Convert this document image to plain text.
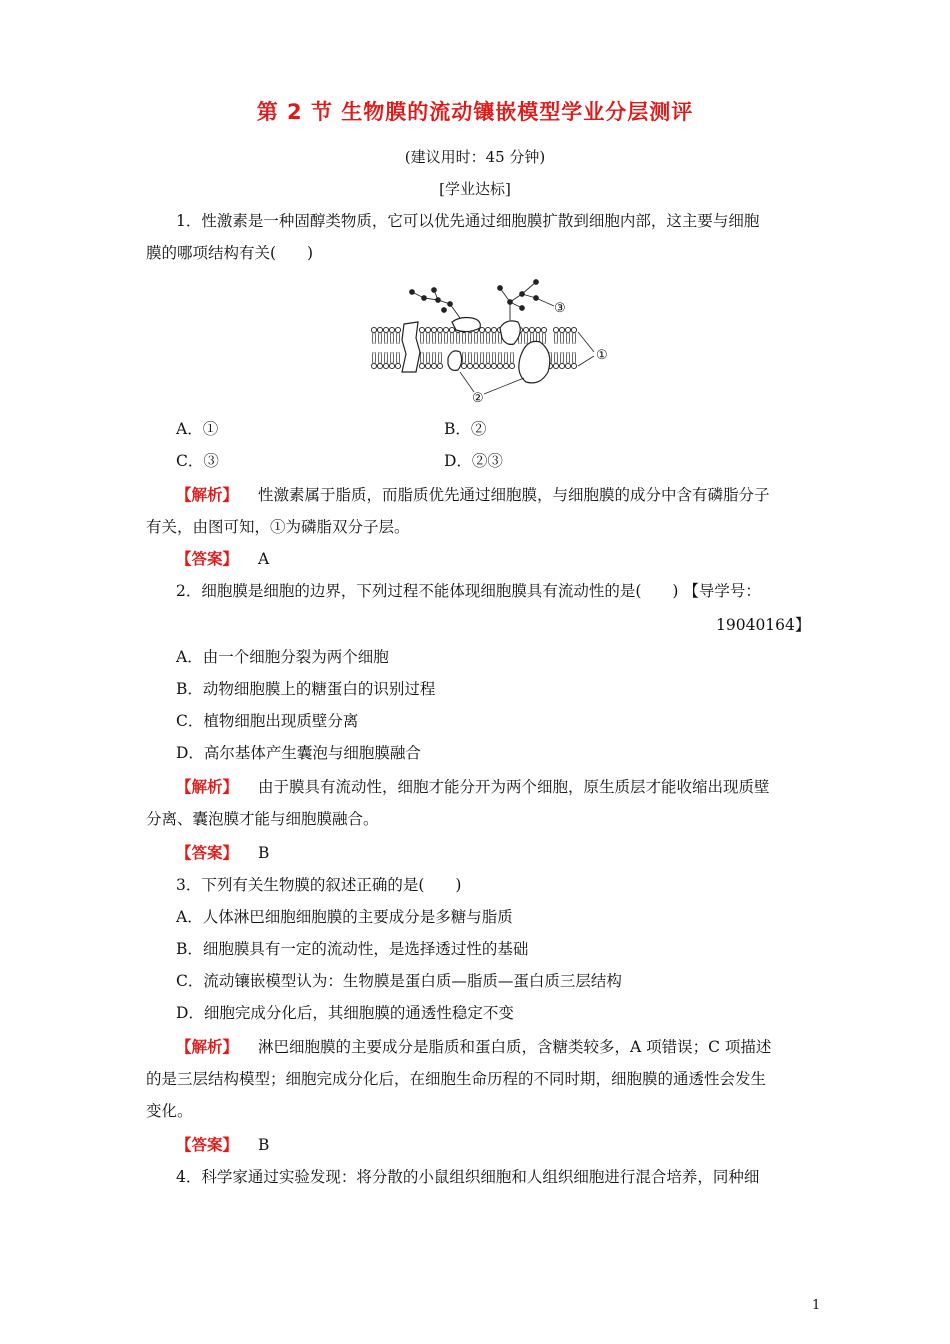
第 2 节 生物膜的流动镶嵌模型学业分层测评
(建议用时：45 分钟)
[学业达标]
1．性激素是一种固醇类物质，它可以优先通过细胞膜扩散到细胞内部，这主要与细胞
膜的哪项结构有关(　　)
③
①
②
A．①	B．②
C．③	D．②③
【解析】 性激素属于脂质，而脂质优先通过细胞膜，与细胞膜的成分中含有磷脂分子
有关，由图可知，①为磷脂双分子层。
【答案】 A
2．细胞膜是细胞的边界，下列过程不能体现细胞膜具有流动性的是(　　) 【导学号：
19040164】
A．由一个细胞分裂为两个细胞
B．动物细胞膜上的糖蛋白的识别过程
C．植物细胞出现质壁分离
D．高尔基体产生囊泡与细胞膜融合
【解析】 由于膜具有流动性，细胞才能分开为两个细胞，原生质层才能收缩出现质壁
分离、囊泡膜才能与细胞膜融合。
【答案】 B
3．下列有关生物膜的叙述正确的是(　　)
A．人体淋巴细胞细胞膜的主要成分是多糖与脂质
B．细胞膜具有一定的流动性，是选择透过性的基础
C．流动镶嵌模型认为：生物膜是蛋白质—脂质—蛋白质三层结构
D．细胞完成分化后，其细胞膜的通透性稳定不变
【解析】 淋巴细胞膜的主要成分是脂质和蛋白质，含糖类较多，A 项错误；C 项描述
的是三层结构模型；细胞完成分化后，在细胞生命历程的不同时期，细胞膜的通透性会发生
变化。
【答案】 B
4．科学家通过实验发现：将分散的小鼠组织细胞和人组织细胞进行混合培养，同种细
1
